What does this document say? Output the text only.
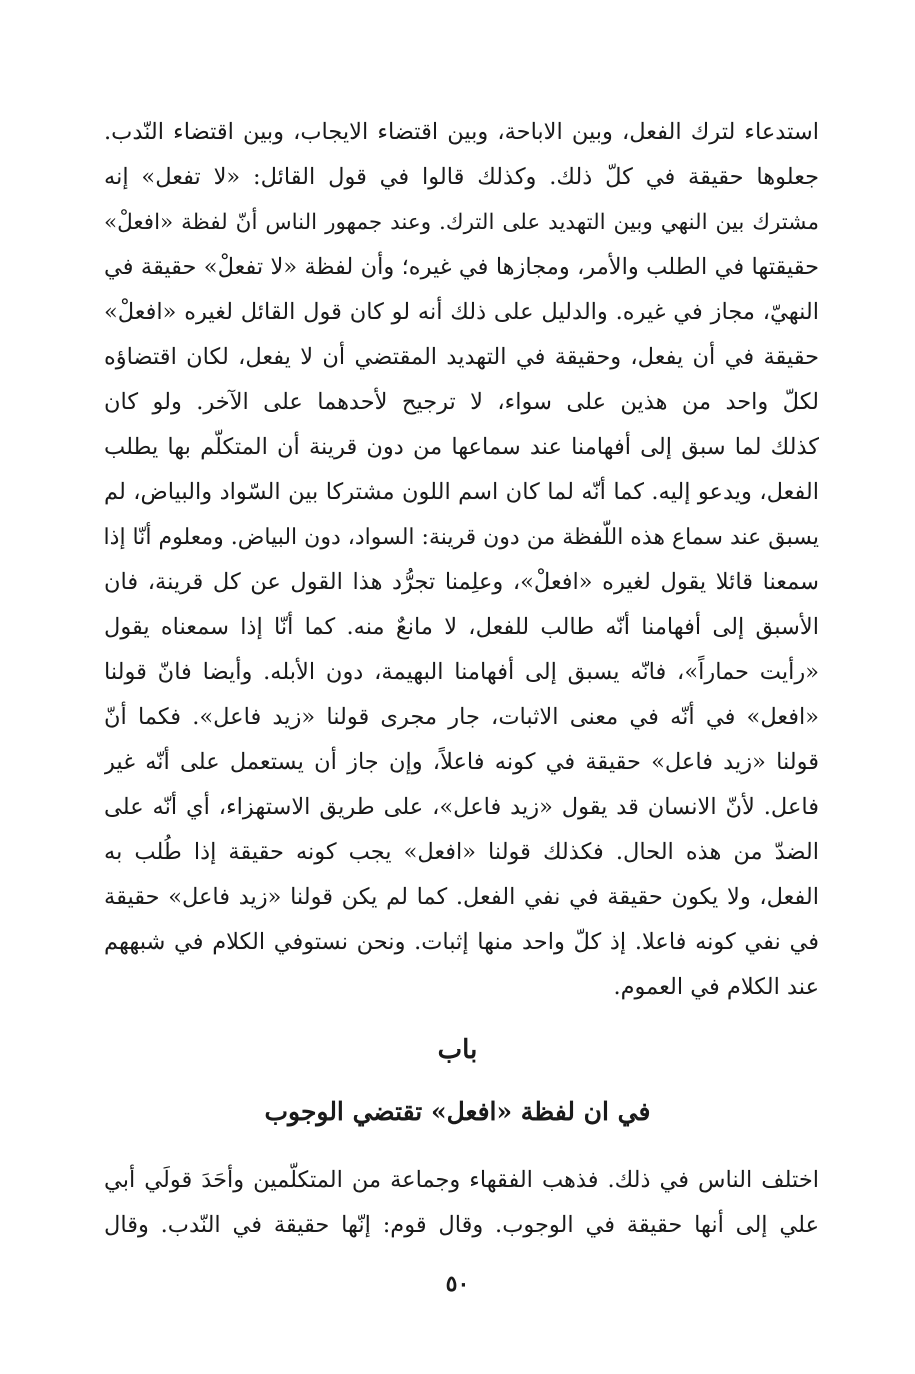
استدعاء لترك الفعل، وبين الاباحة، وبين اقتضاء الايجاب، وبين اقتضاء النّدب.
جعلوها حقيقة في كلّ ذلك. وكذلك قالوا في قول القائل: «لا تفعل» إنه
مشترك بين النهي وبين التهديد على الترك. وعند جمهور الناس أنّ لفظة «افعلْ»
حقيقتها في الطلب والأمر، ومجازها في غيره؛ وأن لفظة «لا تفعلْ» حقيقة في
النهيّ، مجاز في غيره. والدليل على ذلك أنه لو كان قول القائل لغيره «افعلْ»
حقيقة في أن يفعل، وحقيقة في التهديد المقتضي أن لا يفعل، لكان اقتضاؤه
لكلّ واحد من هذين على سواء، لا ترجيح لأحدهما على الآخر. ولو كان
كذلك لما سبق إلى أفهامنا عند سماعها من دون قرينة أن المتكلّم بها يطلب
الفعل، ويدعو إليه. كما أنّه لما كان اسم اللون مشتركا بين السّواد والبياض، لم
يسبق عند سماع هذه اللّفظة من دون قرينة: السواد، دون البياض. ومعلوم أنّا إذا
سمعنا قائلا يقول لغيره «افعلْ»، وعلِمنا تجرُّد هذا القول عن كل قرينة، فان
الأسبق إلى أفهامنا أنّه طالب للفعل، لا مانعٌ منه. كما أنّا إذا سمعناه يقول
«رأيت حماراً»، فانّه يسبق إلى أفهامنا البهيمة، دون الأبله. وأيضا فانّ قولنا
«افعل» في أنّه في معنى الاثبات، جار مجرى قولنا «زيد فاعل». فكما أنّ
قولنا «زيد فاعل» حقيقة في كونه فاعلاً، وإن جاز أن يستعمل على أنّه غير
فاعل. لأنّ الانسان قد يقول «زيد فاعل»، على طريق الاستهزاء، أي أنّه على
الضدّ من هذه الحال. فكذلك قولنا «افعل» يجب كونه حقيقة إذا طُلب به
الفعل، ولا يكون حقيقة في نفي الفعل. كما لم يكن قولنا «زيد فاعل» حقيقة
في نفي كونه فاعلا. إذ كلّ واحد منها إثبات. ونحن نستوفي الكلام في شبههم
عند الكلام في العموم.
باب
في ان لفظة «افعل» تقتضي الوجوب
اختلف الناس في ذلك. فذهب الفقهاء وجماعة من المتكلّمين وأحَدَ قولَي أبي
علي إلى أنها حقيقة في الوجوب. وقال قوم: إنّها حقيقة في النّدب. وقال
٥٠
